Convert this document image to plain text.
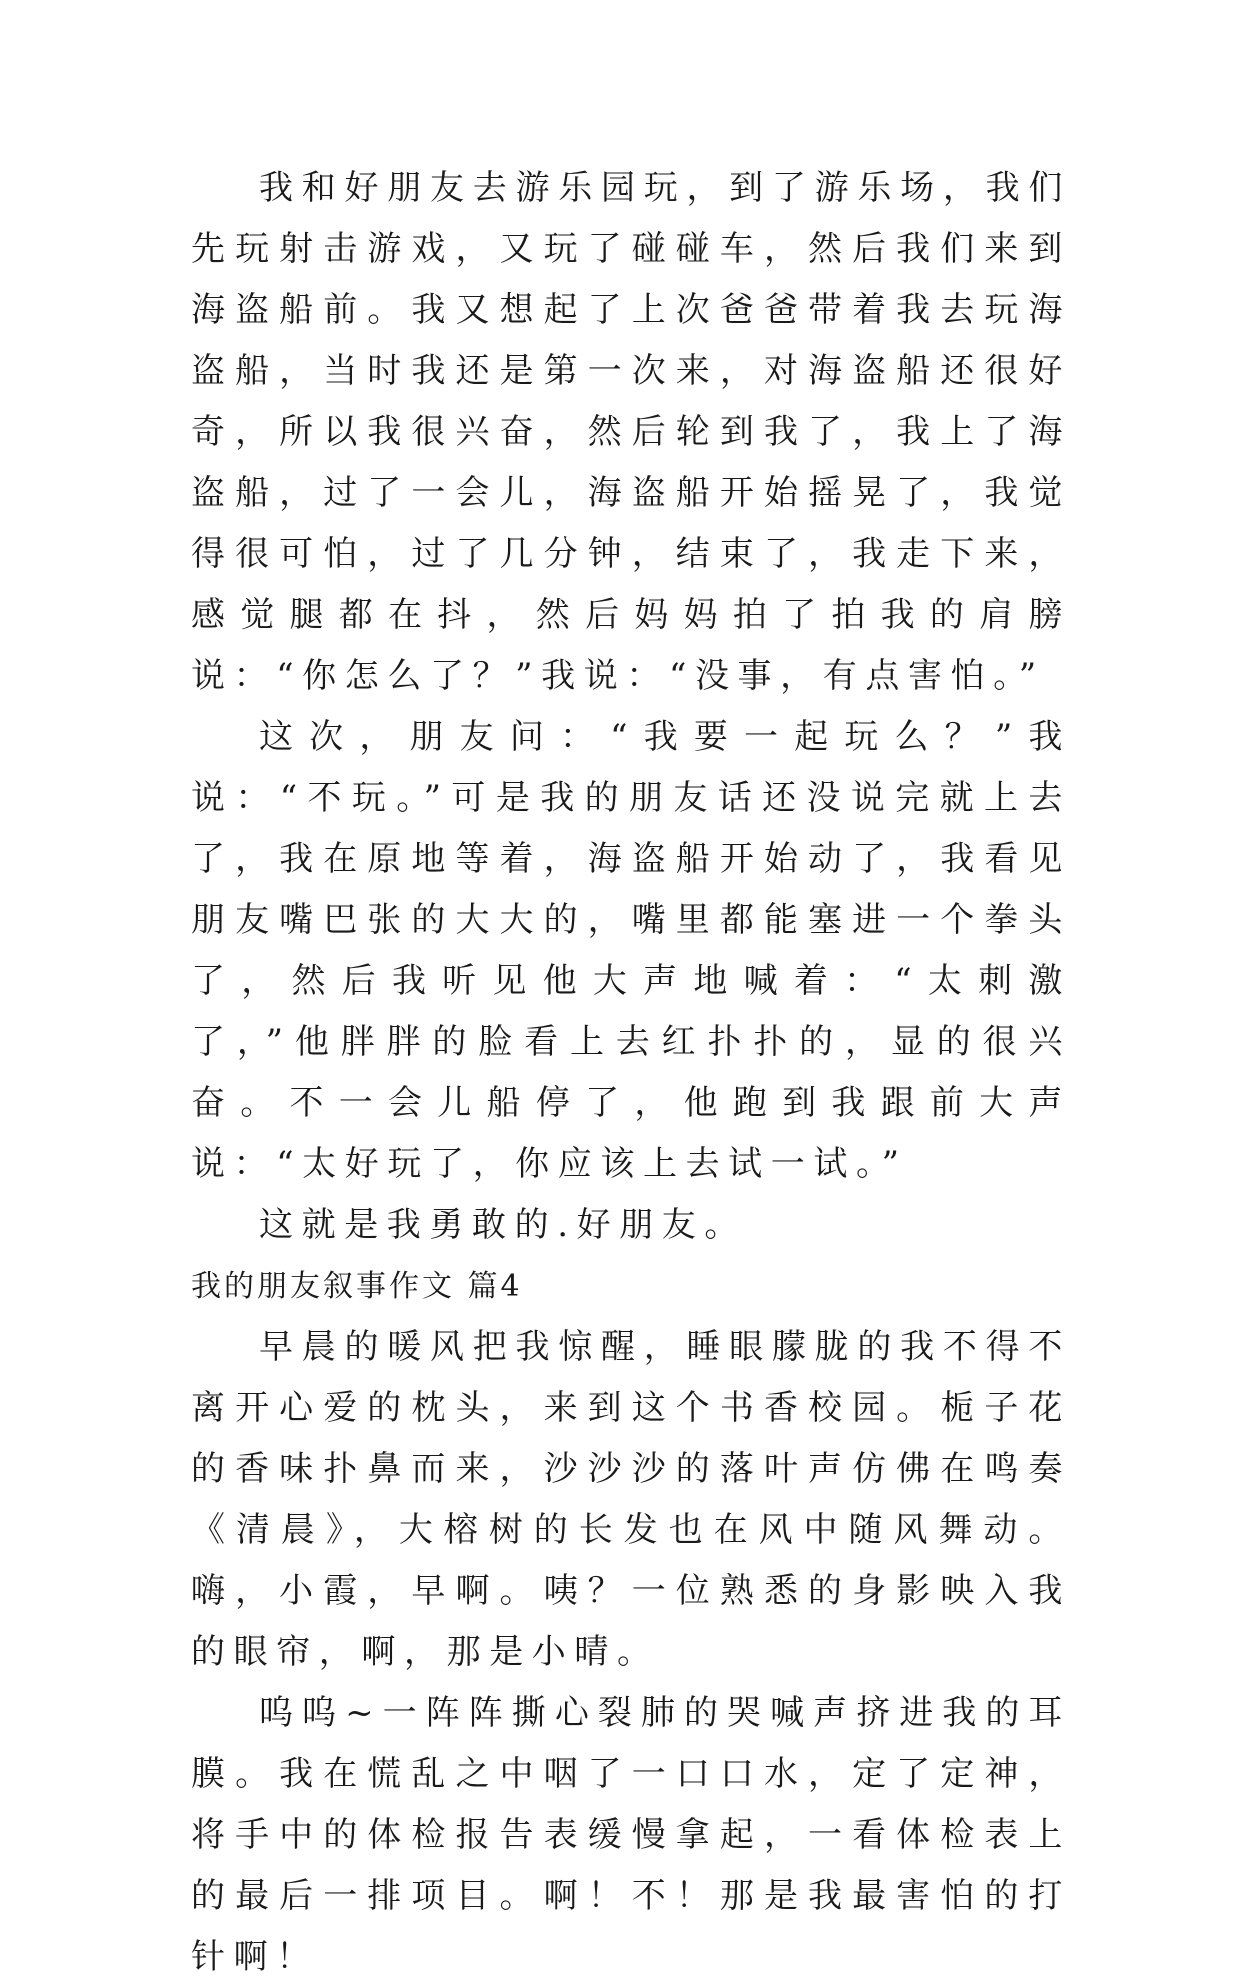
我和好朋友去游乐园玩，到了游乐场，我们先玩射击游戏，又玩了碰碰车，然后我们来到海盗船前。我又想起了上次爸爸带着我去玩海盗船，当时我还是第一次来，对海盗船还很好奇，所以我很兴奋，然后轮到我了，我上了海盗船，过了一会儿，海盗船开始摇晃了，我觉得很可怕，过了几分钟，结束了，我走下来，感觉腿都在抖，然后妈妈拍了拍我的肩膀说：“你怎么了？”我说：“没事，有点害怕。”

这次，朋友问：“我要一起玩么？”我说：“不玩。”可是我的朋友话还没说完就上去了，我在原地等着，海盗船开始动了，我看见朋友嘴巴张的大大的，嘴里都能塞进一个拳头了，然后我听见他大声地喊着：“太刺激了，”他胖胖的脸看上去红扑扑的，显的很兴奋。不一会儿船停了，他跑到我跟前大声说：“太好玩了，你应该上去试一试。”

这就是我勇敢的.好朋友。

我的朋友叙事作文 篇4

早晨的暖风把我惊醒，睡眼朦胧的我不得不离开心爱的枕头，来到这个书香校园。栀子花的香味扑鼻而来，沙沙沙的落叶声仿佛在鸣奏《清晨》，大榕树的长发也在风中随风舞动。嗨，小霞，早啊。咦？一位熟悉的身影映入我的眼帘，啊，那是小晴。

呜呜~一阵阵撕心裂肺的哭喊声挤进我的耳膜。我在慌乱之中咽了一口口水，定了定神，将手中的体检报告表缓慢拿起，一看体检表上的最后一排项目。啊！不！那是我最害怕的打针啊！
